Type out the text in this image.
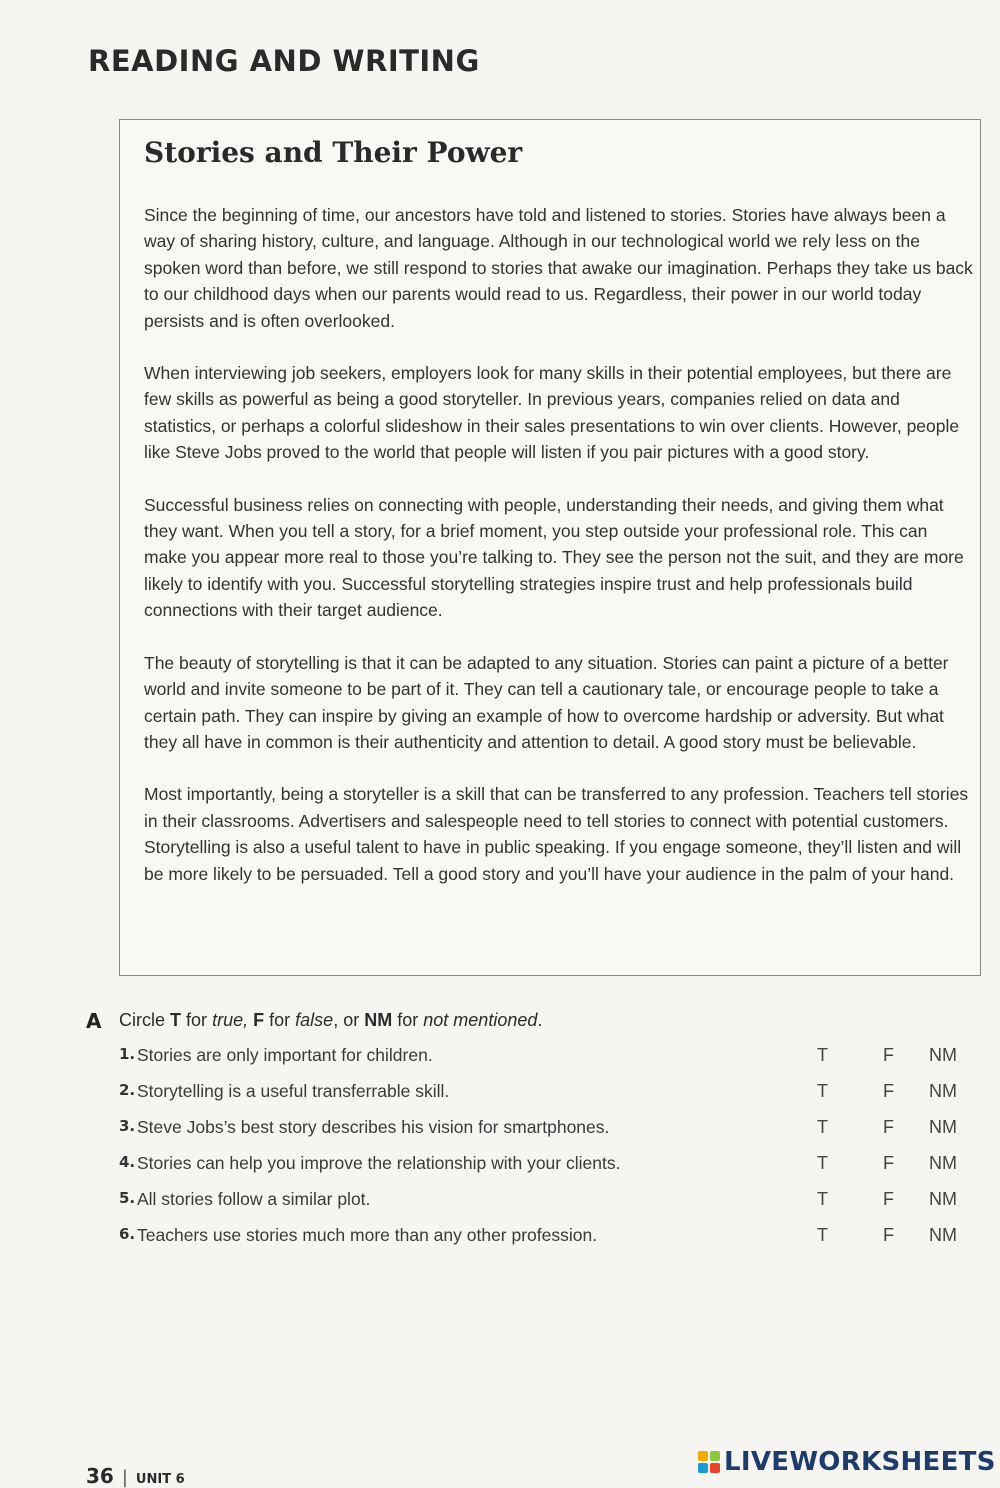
READING AND WRITING
Stories and Their Power

Since the beginning of time, our ancestors have told and listened to stories. Stories have always been a way of sharing history, culture, and language. Although in our technological world we rely less on the spoken word than before, we still respond to stories that awake our imagination. Perhaps they take us back to our childhood days when our parents would read to us. Regardless, their power in our world today persists and is often overlooked.

When interviewing job seekers, employers look for many skills in their potential employees, but there are few skills as powerful as being a good storyteller. In previous years, companies relied on data and statistics, or perhaps a colorful slideshow in their sales presentations to win over clients. However, people like Steve Jobs proved to the world that people will listen if you pair pictures with a good story.

Successful business relies on connecting with people, understanding their needs, and giving them what they want. When you tell a story, for a brief moment, you step outside your professional role. This can make you appear more real to those you’re talking to. They see the person not the suit, and they are more likely to identify with you. Successful storytelling strategies inspire trust and help professionals build connections with their target audience.

The beauty of storytelling is that it can be adapted to any situation. Stories can paint a picture of a better world and invite someone to be part of it. They can tell a cautionary tale, or encourage people to take a certain path. They can inspire by giving an example of how to overcome hardship or adversity. But what they all have in common is their authenticity and attention to detail. A good story must be believable.

Most importantly, being a storyteller is a skill that can be transferred to any profession. Teachers tell stories in their classrooms. Advertisers and salespeople need to tell stories to connect with potential customers. Storytelling is also a useful talent to have in public speaking. If you engage someone, they’ll listen and will be more likely to be persuaded. Tell a good story and you’ll have your audience in the palm of your hand.

A Circle T for true, F for false, or NM for not mentioned.
1. Stories are only important for children.	T	F NM
2. Storytelling is a useful transferrable skill.	T	F NM
3. Steve Jobs’s best story describes his vision for smartphones.	T	F NM
4. Stories can help you improve the relationship with your clients.	T	F NM
5. All stories follow a similar plot.	T	F NM
6. Teachers use stories much more than any other profession.	T	F NM
36 | UNIT 6
LIVEWORKSHEETS
